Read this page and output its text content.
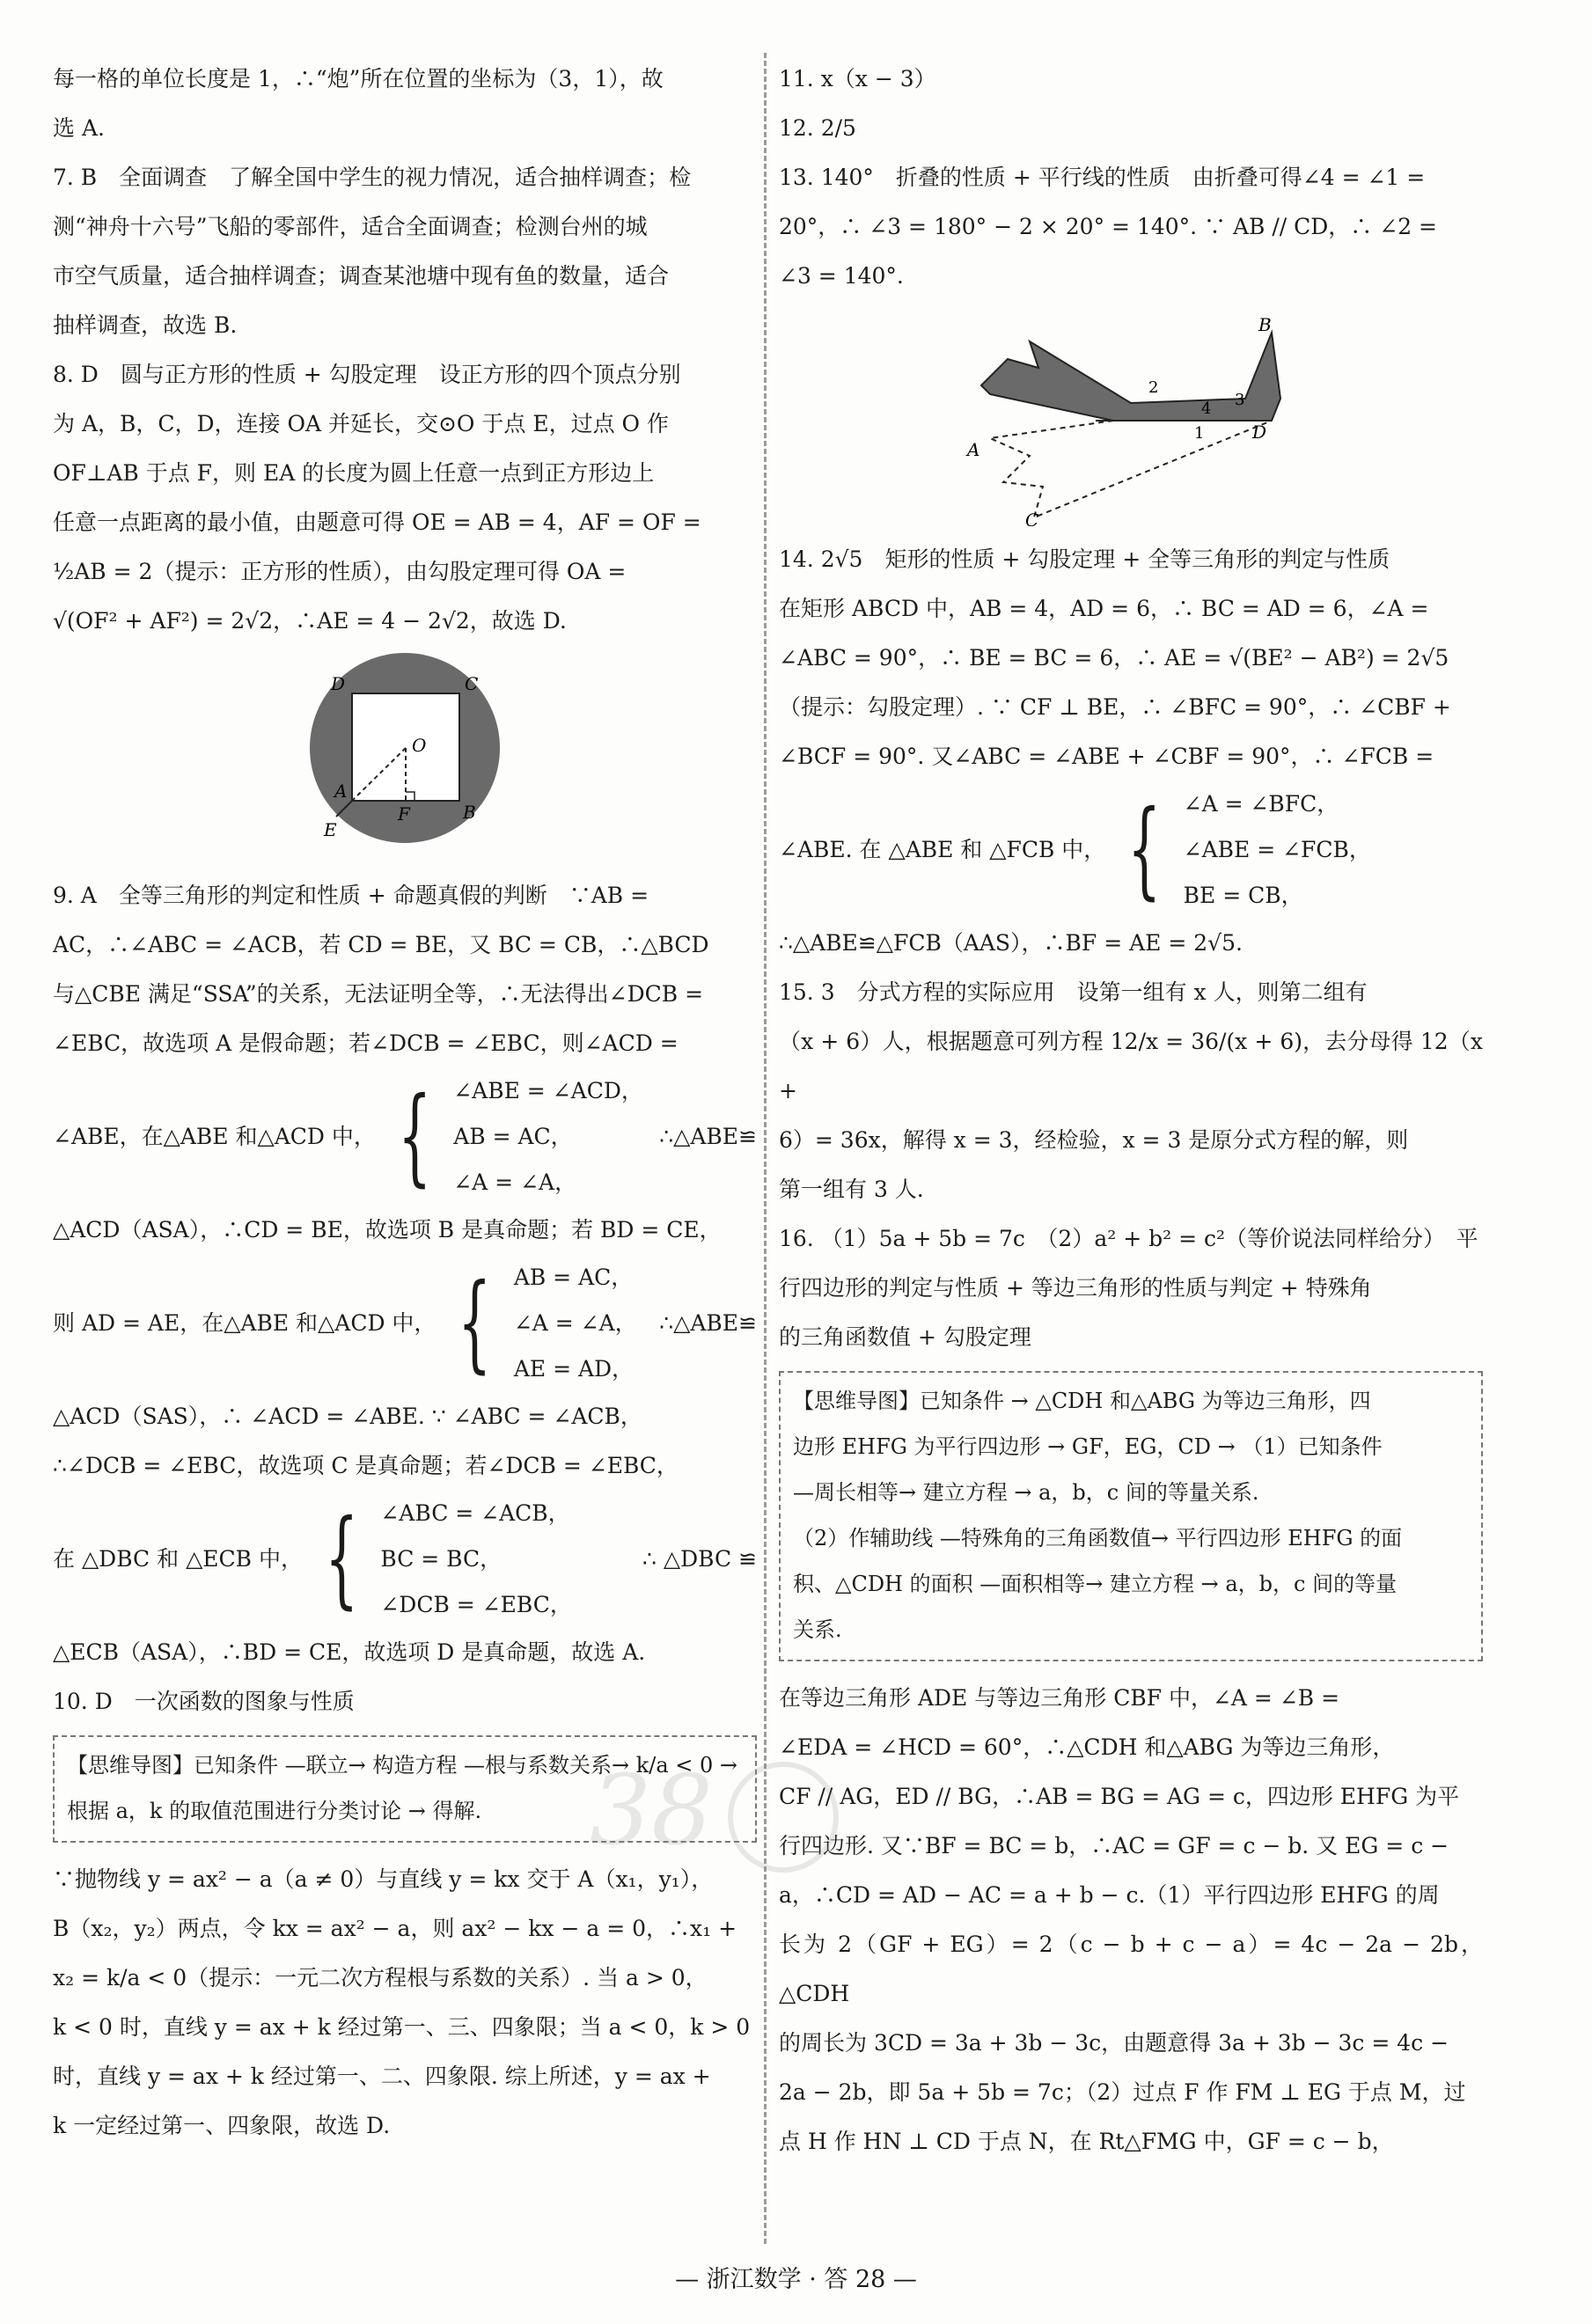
每一格的单位长度是 1，∴“炮”所在位置的坐标为（3，1），故

选 A.

7. B　全面调查　了解全国中学生的视力情况，适合抽样调查；检

测“神舟十六号”飞船的零部件，适合全面调查；检测台州的城

市空气质量，适合抽样调查；调查某池塘中现有鱼的数量，适合

抽样调查，故选 B.

8. D　圆与正方形的性质 + 勾股定理　设正方形的四个顶点分别

为 A，B，C，D，连接 OA 并延长，交⊙O 于点 E，过点 O 作

OF⊥AB 于点 F，则 EA 的长度为圆上任意一点到正方形边上

任意一点距离的最小值，由题意可得 OE = AB = 4，AF = OF =

½AB = 2（提示：正方形的性质），由勾股定理可得 OA =

√(OF² + AF²) = 2√2，∴AE = 4 − 2√2，故选 D.

D	C
O
A
F	B
E

9. A　全等三角形的判定和性质 + 命题真假的判断　∵AB =

AC，∴∠ABC = ∠ACB，若 CD = BE，又 BC = CB，∴△BCD

与△CBE 满足“SSA”的关系，无法证明全等，∴无法得出∠DCB =

∠EBC，故选项 A 是假命题；若∠DCB = ∠EBC，则∠ACD =

∠ABE，在△ABE 和△ACD 中， { ∠ABE = ∠ACD，
AB = AC，
∠A = ∠A，
∴△ABE≌

△ACD（ASA），∴CD = BE，故选项 B 是真命题；若 BD = CE，

则 AD = AE，在△ABE 和△ACD 中， { AB = AC，
∠A = ∠A，
AE = AD，
∴△ABE≌

△ACD（SAS），∴ ∠ACD = ∠ABE. ∵ ∠ABC = ∠ACB，

∴∠DCB = ∠EBC，故选项 C 是真命题；若∠DCB = ∠EBC，

在 △DBC 和 △ECB 中， { ∠ABC = ∠ACB，
BC = BC，
∠DCB = ∠EBC，
∴ △DBC ≌

△ECB（ASA），∴BD = CE，故选项 D 是真命题，故选 A.

10. D　一次函数的图象与性质

【思维导图】已知条件 —联立→ 构造方程 —根与系数关系→ k/a < 0 →
根据 a，k 的取值范围进行分类讨论 → 得解.

∵抛物线 y = ax² − a（a ≠ 0）与直线 y = kx 交于 A（x₁，y₁），

B（x₂，y₂）两点，令 kx = ax² − a，则 ax² − kx − a = 0，∴x₁ +

x₂ = k/a < 0（提示：一元二次方程根与系数的关系）. 当 a > 0，

k < 0 时，直线 y = ax + k 经过第一、三、四象限；当 a < 0，k > 0

时，直线 y = ax + k 经过第一、二、四象限. 综上所述，y = ax +

k 一定经过第一、四象限，故选 D.

11. x（x − 3）

12. 2/5

13. 140°　折叠的性质 + 平行线的性质　由折叠可得∠4 = ∠1 =

20°，∴ ∠3 = 180° − 2 × 20° = 140°. ∵ AB // CD，∴ ∠2 =

∠3 = 140°.

B
2
3
4
1	D
A
C

14. 2√5　矩形的性质 + 勾股定理 + 全等三角形的判定与性质

在矩形 ABCD 中，AB = 4，AD = 6，∴ BC = AD = 6，∠A =

∠ABC = 90°，∴ BE = BC = 6，∴ AE = √(BE² − AB²) = 2√5

（提示：勾股定理）. ∵ CF ⊥ BE，∴ ∠BFC = 90°，∴ ∠CBF +

∠BCF = 90°. 又∠ABC = ∠ABE + ∠CBF = 90°，∴ ∠FCB =

∠ABE. 在 △ABE 和 △FCB 中， { ∠A = ∠BFC，
∠ABE = ∠FCB，
BE = CB，

∴△ABE≌△FCB（AAS），∴BF = AE = 2√5.

15. 3　分式方程的实际应用　设第一组有 x 人，则第二组有

（x + 6）人，根据题意可列方程 12/x = 36/(x + 6)，去分母得 12（x +

6）= 36x，解得 x = 3，经检验，x = 3 是原分式方程的解，则

第一组有 3 人.

16. （1）5a + 5b = 7c　（2）a² + b² = c²（等价说法同样给分）　平

行四边形的判定与性质 + 等边三角形的性质与判定 + 特殊角

的三角函数值 + 勾股定理

【思维导图】已知条件 → △CDH 和△ABG 为等边三角形，四
边形 EHFG 为平行四边形 → GF，EG，CD → （1）已知条件
—周长相等→ 建立方程 → a，b，c 间的等量关系.
（2）作辅助线 —特殊角的三角函数值→ 平行四边形 EHFG 的面
积、△CDH 的面积 —面积相等→ 建立方程 → a，b，c 间的等量
关系.

在等边三角形 ADE 与等边三角形 CBF 中，∠A = ∠B =

∠EDA = ∠HCD = 60°，∴△CDH 和△ABG 为等边三角形，

CF // AG，ED // BG，∴AB = BG = AG = c，四边形 EHFG 为平

行四边形. 又∵BF = BC = b，∴AC = GF = c − b. 又 EG = c −

a，∴CD = AD − AC = a + b − c.（1）平行四边形 EHFG 的周

长为 2（GF + EG）= 2（c − b + c − a）= 4c − 2a − 2b，△CDH

的周长为 3CD = 3a + 3b − 3c，由题意得 3a + 3b − 3c = 4c −

2a − 2b，即 5a + 5b = 7c；（2）过点 F 作 FM ⊥ EG 于点 M，过

点 H 作 HN ⊥ CD 于点 N，在 Rt△FMG 中，GF = c − b，

38
— 浙江数学 · 答 28 —
